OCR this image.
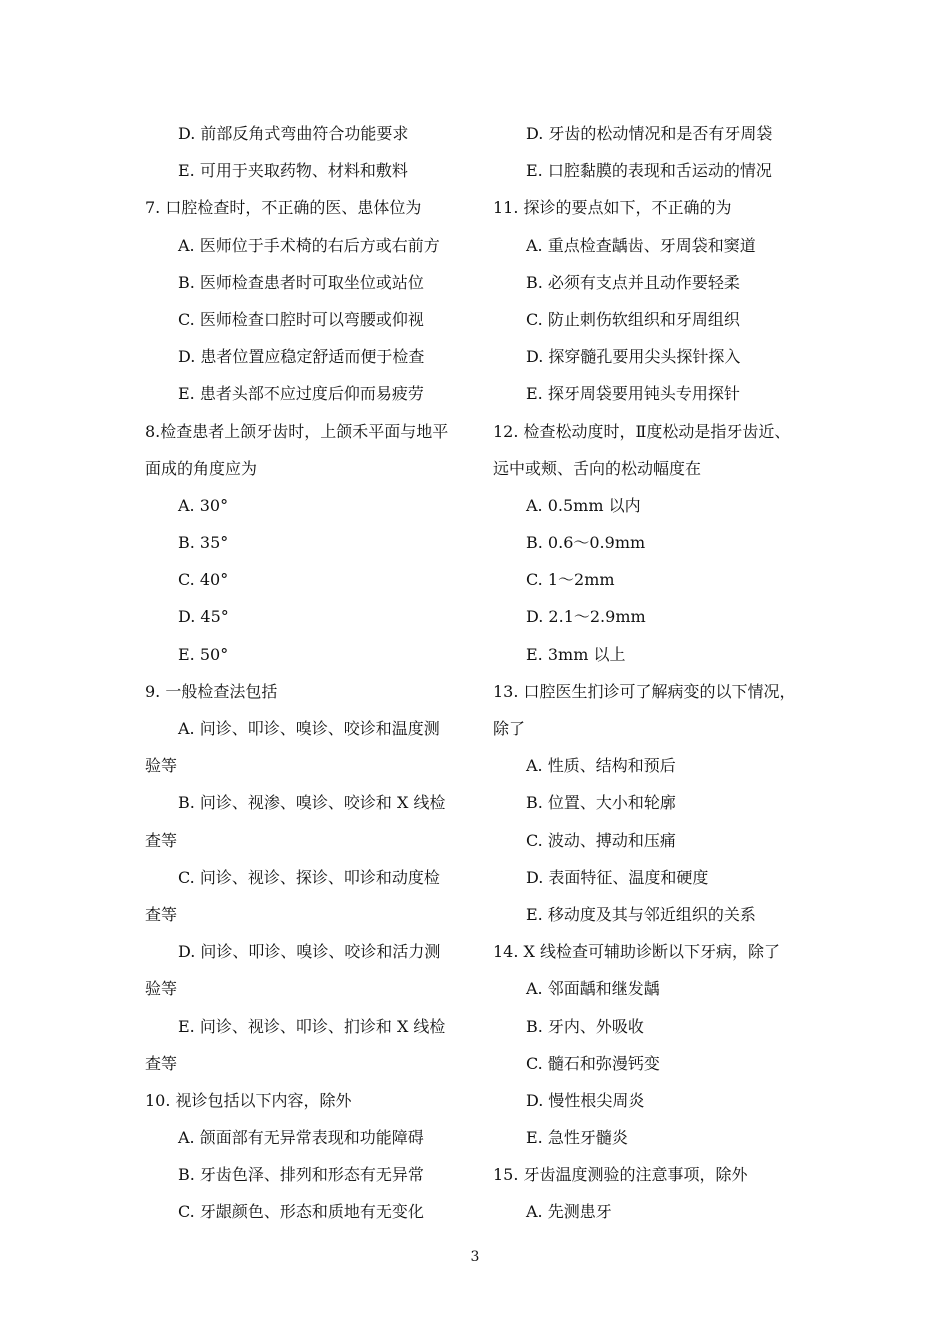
D. 前部反角式弯曲符合功能要求
E. 可用于夹取药物、材料和敷料
7. 口腔检查时，不正确的医、患体位为
A. 医师位于手术椅的右后方或右前方
B. 医师检查患者时可取坐位或站位
C. 医师检查口腔时可以弯腰或仰视
D. 患者位置应稳定舒适而便于检查
E. 患者头部不应过度后仰而易疲劳
8.检查患者上颌牙齿时，上颌禾平面与地平
面成的角度应为
A. 30°
B. 35°
C. 40°
D. 45°
E. 50°
9. 一般检查法包括
A. 问诊、叩诊、嗅诊、咬诊和温度测
验等
B. 问诊、视渗、嗅诊、咬诊和 X 线检
查等
C. 问诊、视诊、探诊、叩诊和动度检
查等
D. 问诊、叩诊、嗅诊、咬诊和活力测
验等
E. 问诊、视诊、叩诊、扪诊和 X 线检
查等
10. 视诊包括以下内容，除外
A. 颌面部有无异常表现和功能障碍
B. 牙齿色泽、排列和形态有无异常
C. 牙龈颜色、形态和质地有无变化
D. 牙齿的松动情况和是否有牙周袋
E. 口腔黏膜的表现和舌运动的情况
11. 探诊的要点如下，不正确的为
A. 重点检查龋齿、牙周袋和窦道
B. 必须有支点并且动作要轻柔
C. 防止刺伤软组织和牙周组织
D. 探穿髓孔要用尖头探针探入
E. 探牙周袋要用钝头专用探针
12. 检查松动度时，Ⅱ度松动是指牙齿近、
远中或颊、舌向的松动幅度在
A. 0.5mm 以内
B. 0.6～0.9mm
C. 1～2mm
D. 2.1～2.9mm
E. 3mm 以上
13. 口腔医生扪诊可了解病变的以下情况，
除了
A. 性质、结构和预后
B. 位置、大小和轮廓
C. 波动、搏动和压痛
D. 表面特征、温度和硬度
E. 移动度及其与邻近组织的关系
14. X 线检查可辅助诊断以下牙病，除了
A. 邻面龋和继发龋
B. 牙内、外吸收
C. 髓石和弥漫钙变
D. 慢性根尖周炎
E. 急性牙髓炎
15. 牙齿温度测验的注意事项，除外
A. 先测患牙
3
